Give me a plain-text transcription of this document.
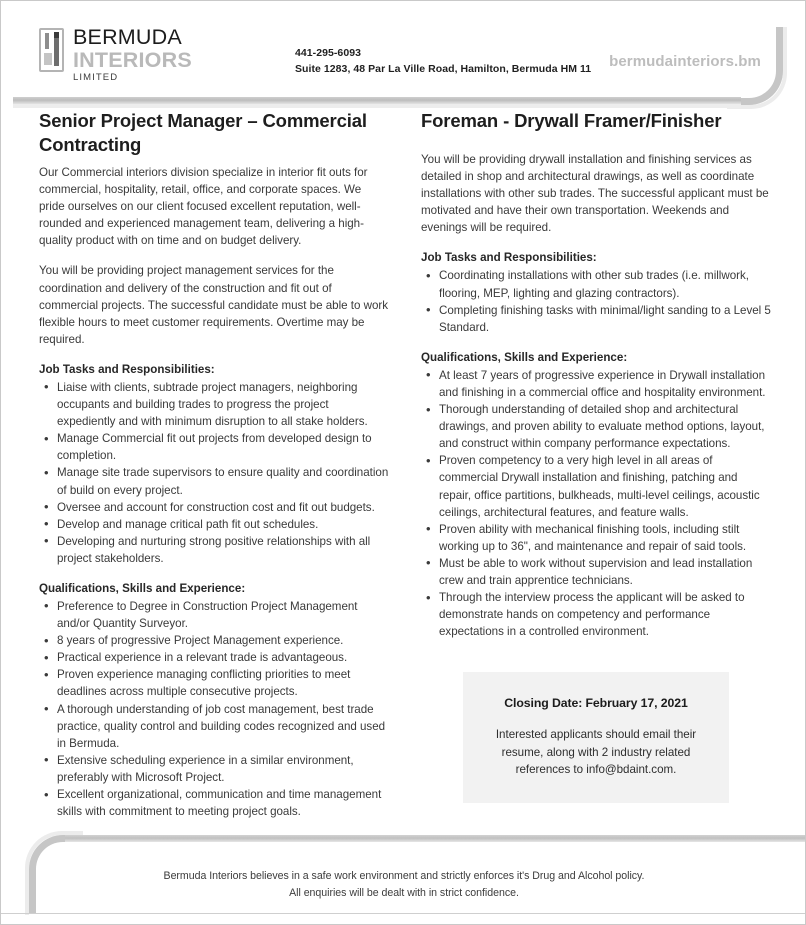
BERMUDA
INTERIORS
LIMITED
441-295-6093
Suite 1283, 48 Par La Ville Road, Hamilton, Bermuda HM 11	bermudainteriors.bm
Senior Project Manager – Commercial Contracting

Our Commercial interiors division specialize in interior fit outs for commercial, hospitality, retail, office, and corporate spaces. We pride ourselves on our client focused excellent reputation, well-rounded and experienced management team, delivering a high-quality product with on time and on budget delivery.

You will be providing project management services for the coordination and delivery of the construction and fit out of commercial projects. The successful candidate must be able to work flexible hours to meet customer requirements. Overtime may be required.

Job Tasks and Responsibilities:
• Liaise with clients, subtrade project managers, neighboring occupants and building trades to progress the project expediently and with minimum disruption to all stake holders.
• Manage Commercial fit out projects from developed design to completion.
• Manage site trade supervisors to ensure quality and coordination of build on every project.
• Oversee and account for construction cost and fit out budgets.
• Develop and manage critical path fit out schedules.
• Developing and nurturing strong positive relationships with all project stakeholders.
Qualifications, Skills and Experience:
• Preference to Degree in Construction Project Management and/or Quantity Surveyor.
• 8 years of progressive Project Management experience.
• Practical experience in a relevant trade is advantageous.
• Proven experience managing conflicting priorities to meet deadlines across multiple consecutive projects.
• A thorough understanding of job cost management, best trade practice, quality control and building codes recognized and used in Bermuda.
• Extensive scheduling experience in a similar environment, preferably with Microsoft Project.
• Excellent organizational, communication and time management skills with commitment to meeting project goals.
Foreman - Drywall Framer/Finisher

You will be providing drywall installation and finishing services as detailed in shop and architectural drawings, as well as coordinate installations with other sub trades. The successful applicant must be motivated and have their own transportation. Weekends and evenings will be required.

Job Tasks and Responsibilities:
• Coordinating installations with other sub trades (i.e. millwork, flooring, MEP, lighting and glazing contractors).
• Completing finishing tasks with minimal/light sanding to a Level 5 Standard.
Qualifications, Skills and Experience:
• At least 7 years of progressive experience in Drywall installation and finishing in a commercial office and hospitality environment.
• Thorough understanding of detailed shop and architectural drawings, and proven ability to evaluate method options, layout, and construct within company performance expectations.
• Proven competency to a very high level in all areas of commercial Drywall installation and finishing, patching and repair, office partitions, bulkheads, multi-level ceilings, acoustic ceilings, architectural features, and feature walls.
• Proven ability with mechanical finishing tools, including stilt working up to 36", and maintenance and repair of said tools.
• Must be able to work without supervision and lead installation crew and train apprentice technicians.
• Through the interview process the applicant will be asked to demonstrate hands on competency and performance expectations in a controlled environment.
Closing Date: February 17, 2021
Interested applicants should email their resume, along with 2 industry related references to info@bdaint.com.
Bermuda Interiors believes in a safe work environment and strictly enforces it's Drug and Alcohol policy.
All enquiries will be dealt with in strict confidence.
